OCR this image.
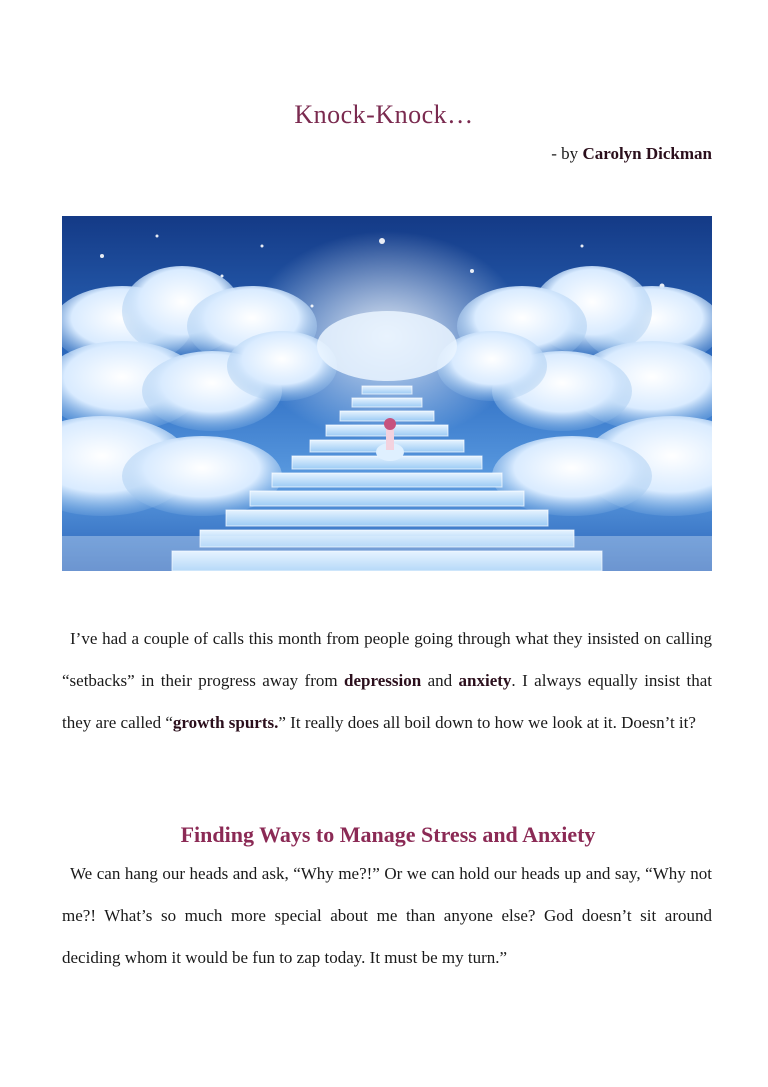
Knock-Knock…
- by Carolyn Dickman
I’ve had a couple of calls this month from people going through what they insisted on calling “setbacks” in their progress away from depression and anxiety. I always equally insist that they are called “growth spurts.” It really does all boil down to how we look at it. Doesn’t it?
Finding Ways to Manage Stress and Anxiety
We can hang our heads and ask, “Why me?!” Or we can hold our heads up and say, “Why not me?! What’s so much more special about me than anyone else? God doesn’t sit around deciding whom it would be fun to zap today. It must be my turn.”
